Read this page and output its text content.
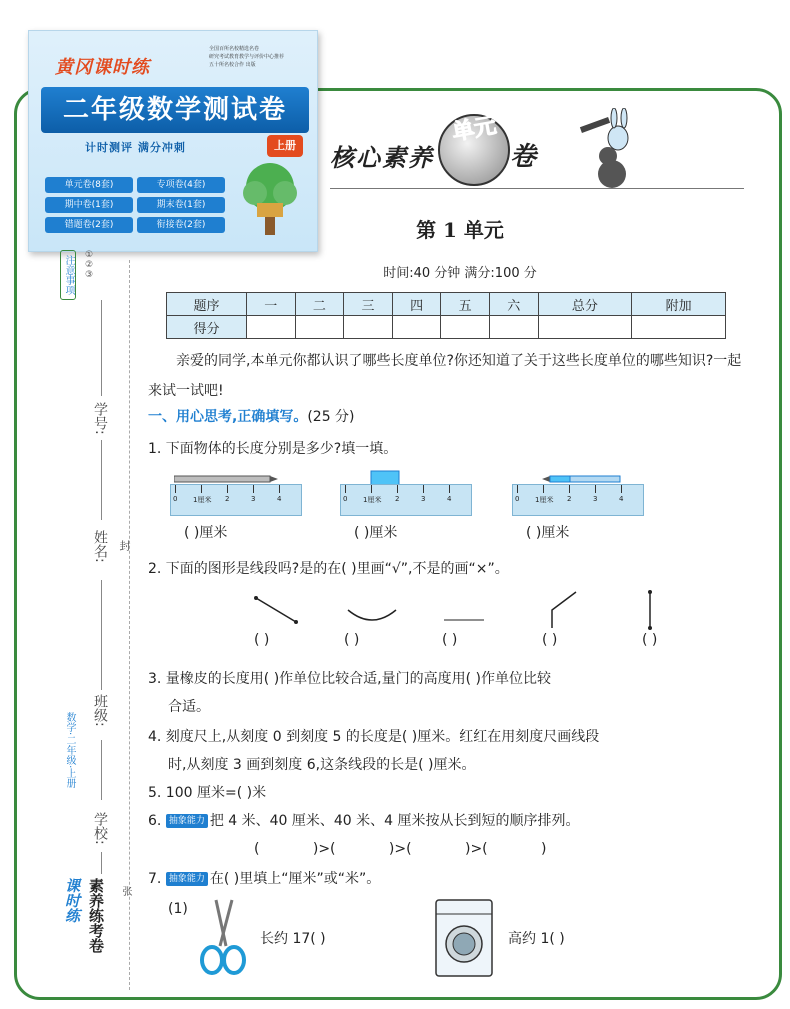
黄冈课时练
全国百所名校精选名卷
研究考试教育教学与评价中心推荐
五十所名校合作 出版
二年级数学测试卷
计时测评 满分冲刺	上册
单元卷(8套)	专项卷(4套)
期中卷(1套)	期末卷(1套)
错题卷(2套)	衔接卷(2套)
注意事项	①②③
学号:
姓名: 封
班级:
学校:
数学·二年级·上册
课时练 素养练考卷 张
核心素养
单元
卷
第 1 单元
时间:40 分钟 满分:100 分
题序	一	二	三	四	五	六	总分	附加
得分								
亲爱的同学,本单元你都认识了哪些长度单位?你还知道了关于这些长度单位的哪些知识?一起来试一试吧!
一、用心思考,正确填写。(25 分)
1. 下面物体的长度分别是多少?填一填。
0 1厘米 2	3	4	0 1厘米 2	3	4	0 1厘米 2	3	4
( )厘米	( )厘米	( )厘米
2. 下面的图形是线段吗?是的在( )里画“√”,不是的画“×”。
( )	( )	( )	( )	( )
3. 量橡皮的长度用( )作单位比较合适,量门的高度用( )作单位比较
合适。
4. 刻度尺上,从刻度 0 到刻度 5 的长度是( )厘米。红红在用刻度尺画线段
时,从刻度 3 画到刻度 6,这条线段的长是( )厘米。
5. 100 厘米=( )米
6. 抽象能力 把 4 米、40 厘米、40 米、4 厘米按从长到短的顺序排列。
(            )>(            )>(            )>(            )
7. 抽象能力 在( )里填上“厘米”或“米”。
(1)
长约 17( )	高约 1( )
